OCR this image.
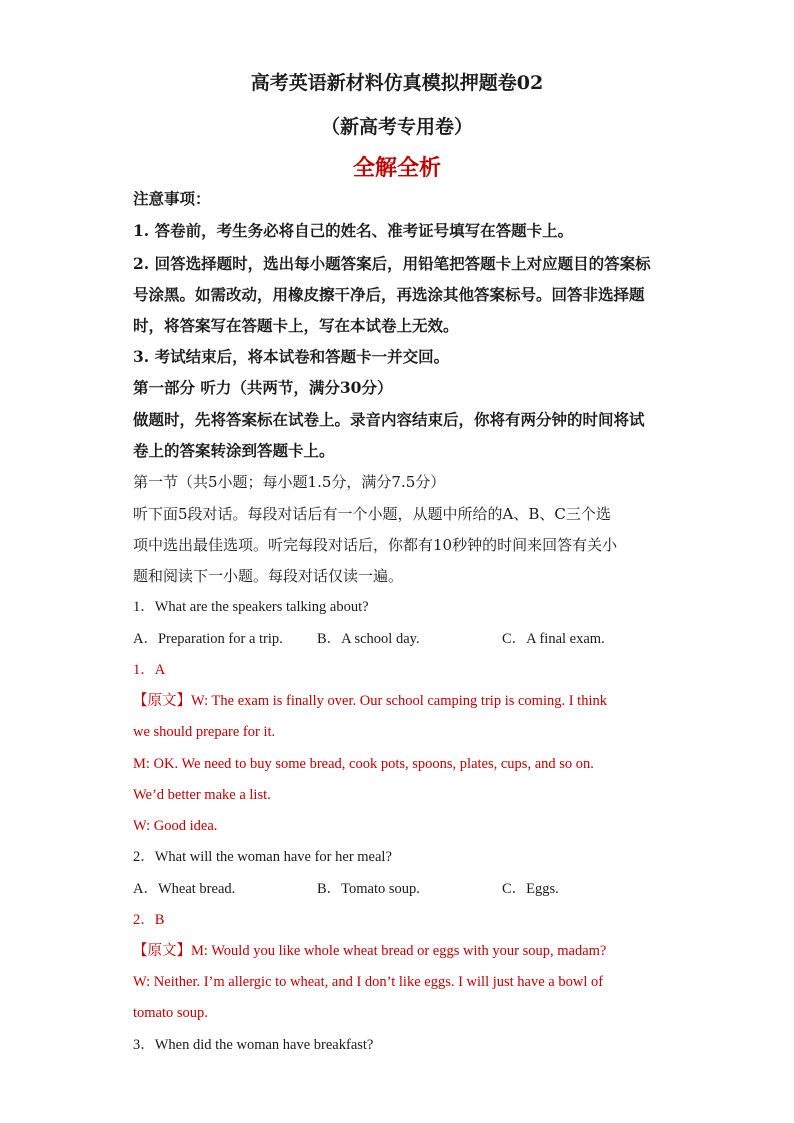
高考英语新材料仿真模拟押题卷02
（新高考专用卷）
全解全析
注意事项：
1. 答卷前，考生务必将自己的姓名、准考证号填写在答题卡上。
2. 回答选择题时，选出每小题答案后，用铅笔把答题卡上对应题目的答案标
号涂黑。如需改动，用橡皮擦干净后，再选涂其他答案标号。回答非选择题
时，将答案写在答题卡上，写在本试卷上无效。
3. 考试结束后，将本试卷和答题卡一并交回。
第一部分 听力（共两节，满分30分）
做题时，先将答案标在试卷上。录音内容结束后，你将有两分钟的时间将试
卷上的答案转涂到答题卡上。
第一节（共5小题；每小题1.5分，满分7.5分）
听下面5段对话。每段对话后有一个小题，从题中所给的A、B、C三个选
项中选出最佳选项。听完每段对话后，你都有10秒钟的时间来回答有关小
题和阅读下一小题。每段对话仅读一遍。
1．What are the speakers talking about?
A．Preparation for a trip. B．A school day.	C．A final exam.
1．A
【原文】W: The exam is finally over. Our school camping trip is coming. I think
we should prepare for it.
M: OK. We need to buy some bread, cook pots, spoons, plates, cups, and so on.
We’d better make a list.
W: Good idea.
2．What will the woman have for her meal?
A．Wheat bread.	B．Tomato soup.	C．Eggs.
2．B
【原文】M: Would you like whole wheat bread or eggs with your soup, madam?
W: Neither. I’m allergic to wheat, and I don’t like eggs. I will just have a bowl of
tomato soup.
3．When did the woman have breakfast?
